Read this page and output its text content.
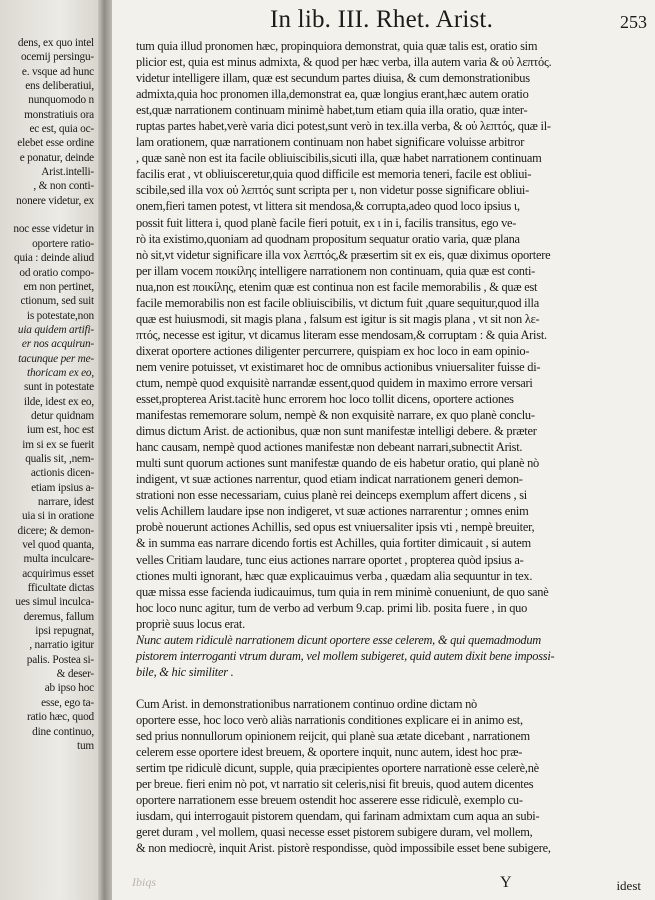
dens, ex quo intel
ocemij persingu-
e. vsque ad hunc
ens deliberatiui,
nunquomodo n
monstratiuis ora
ec est, quia oc-
elebet esse ordine
e ponatur, deinde
Arist.intelli-
, & non conti-
nonere videtur, ex

noc esse videtur in
oportere ratio-
quia : deinde aliud
od oratio compo-
em non pertinet,
ctionum, sed suit
is potestate,non
uia quidem artifi-
er nos acquirun-
tacunque per me-
thoricam ex eo,
sunt in potestate
ilde, idest ex eo,
detur quidnam
ium est, hoc est
im si ex se fuerit
qualis sit, ,nem-
actionis dicen-
etiam ipsius a-
narrare, idest
uia si in oratione
dicere; & demon-
vel quod quanta,
multa inculcare-
acquirimus esset
fficultate dictas
ues simul inculca-
deremus, fallum
ipsi repugnat,
, narratio igitur
palis. Postea si-
& deser-
ab ipso hoc
esse, ego ta-
ratio hæc, quod
dine continuo,
tum
In lib. III. Rhet. Arist.	253
tum quia illud pronomen hæc, propinquiora demonstrat, quia quæ talis est, oratio sim
plicior est, quia est minus admixta, & quod per hæc verba, illa autem varia & οὐ λεπτός.
videtur intelligere illam, quæ est secundum partes diuisa, & cum demonstrationibus
admixta,quia hoc pronomen illa,demonstrat ea, quæ longius erant,hæc autem oratio
est,quæ narrationem continuam minimè habet,tum etiam quia illa oratio, quæ inter-
ruptas partes habet,verè varia dici potest,sunt verò in tex.illa verba, & οὐ λεπτός, quæ il-
lam orationem, quæ narrationem continuam non habet significare voluisse arbitror
, quæ sanè non est ita facile obliuiscibilis,sicuti illa, quæ habet narrationem continuam
facilis erat , vt obliuisceretur,quia quod difficile est memoria teneri, facile est obliui-
scibile,sed illa vox οὐ λεπτός sunt scripta per ι, non videtur posse significare obliui-
onem,fieri tamen potest, vt littera sit mendosa,& corrupta,adeo quod loco ipsius ι,
possit fuit littera i, quod planè facile fieri potuit, ex ι in i, facilis transitus, ego ve-
rò ita existimo,quoniam ad quodnam propositum sequatur oratio varia, quæ plana
nò sit,vt videtur significare illa vox λεπτός,& præsertim sit ex eis, quæ diximus oportere
per illam vocem ποικίλης intelligere narrationem non continuam, quia quæ est conti-
nua,non est ποικίλης, etenim quæ est continua non est facile memorabilis , & quæ est
facile memorabilis non est facile obliuiscibilis, vt dictum fuit ,quare sequitur,quod illa
quæ est huiusmodi, sit magis plana , falsum est igitur is sit magis plana , vt sit non λε-
πτός, necesse est igitur, vt dicamus literam esse mendosam,& corruptam : & quia Arist.
dixerat oportere actiones diligenter percurrere, quispiam ex hoc loco in eam opinio-
nem venire potuisset, vt existimaret hoc de omnibus actionibus vniuersaliter fuisse di-
ctum, nempè quod exquisitè narrandæ essent,quod quidem in maximo errore versari
esset,propterea Arist.tacitè hunc errorem hoc loco tollit dicens, oportere actiones
manifestas rememorare solum, nempè & non exquisitè narrare, ex quo planè conclu-
dimus dictum Arist. de actionibus, quæ non sunt manifestæ intelligi debere. & præter
hanc causam, nempè quod actiones manifestæ non debeant narrari,subnectit Arist.
multi sunt quorum actiones sunt manifestæ quando de eis habetur oratio, qui planè nò
indigent, vt suæ actiones narrentur, quod etiam indicat narrationem generi demon-
strationi non esse necessariam, cuius planè rei deinceps exemplum affert dicens , si
velis Achillem laudare ipse non indigeret, vt suæ actiones narrarentur ; omnes enim
probè nouerunt actiones Achillis, sed opus est vniuersaliter ipsis vti , nempè breuiter,
& in summa eas narrare dicendo fortis est Achilles, quia fortiter dimicauit , si autem
velles Critiam laudare, tunc eius actiones narrare oportet , propterea quòd ipsius a-
ctiones multi ignorant, hæc quæ explicauimus verba , quædam alia sequuntur in tex.
quæ missa esse facienda iudicauimus, tum quia in rem minimè conueniunt, de quo sanè
hoc loco nunc agitur, tum de verbo ad verbum 9.cap. primi lib. posita fuere , in quo
propriè suus locus erat.
Nunc autem ridiculè narrationem dicunt oportere esse celerem, & qui quemadmodum
pistorem interroganti vtrum duram, vel mollem subigeret, quid autem dixit bene impossi-
bile, & hic similiter .
Cum Arist. in demonstrationibus narrationem continuo ordine dictam nò
oportere esse, hoc loco verò aliàs narrationis conditiones explicare ei in animo est,
sed prius nonnullorum opinionem reijcit, qui planè sua ætate dicebant , narrationem
celerem esse oportere idest breuem, & oportere inquit, nunc autem, idest hoc præ-
sertim tpe ridiculè dicunt, supple, quia præcipientes oportere narrationè esse celerè,nè
per breue. fieri enim nò pot, vt narratio sit celeris,nisi fit breuis, quod autem dicentes
oportere narrationem esse breuem ostendit hoc asserere esse ridiculè, exemplo cu-
iusdam, qui interrogauit pistorem quendam, qui farinam admixtam cum aqua an subi-
geret duram , vel mollem, quasi necesse esset pistorem subigere duram, vel mollem,
& non mediocrè, inquit Arist. pistorè respondisse, quòd impossibile esset bene subigere,
Ibiqs	Y	idest
